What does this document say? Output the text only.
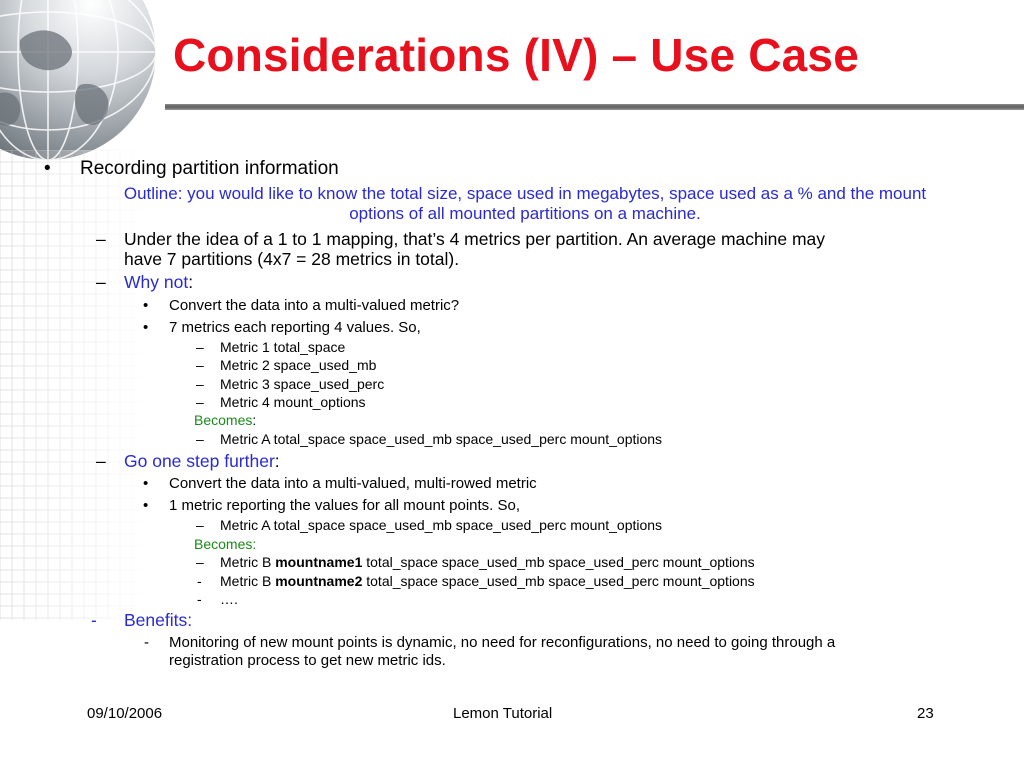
Considerations (IV) – Use Case
• Recording partition information
Outline: you would like to know the total size, space used in megabytes, space used as a % and the mount options of all mounted partitions on a machine.
– Under the idea of a 1 to 1 mapping, that’s 4 metrics per partition. An average machine may
have 7 partitions (4x7 = 28 metrics in total).
– Why not:
• Convert the data into a multi-valued metric?
• 7 metrics each reporting 4 values. So,
– Metric 1 total_space
– Metric 2 space_used_mb
– Metric 3 space_used_perc
– Metric 4 mount_options
Becomes:
– Metric A total_space space_used_mb space_used_perc mount_options
– Go one step further:
• Convert the data into a multi-valued, multi-rowed metric
• 1 metric reporting the values for all mount points. So,
– Metric A total_space space_used_mb space_used_perc mount_options
Becomes:
– Metric B mountname1 total_space space_used_mb space_used_perc mount_options
- Metric B mountname2 total_space space_used_mb space_used_perc mount_options
- ….
- Benefits:
- Monitoring of new mount points is dynamic, no need for reconfigurations, no need to going through a
registration process to get new metric ids.
09/10/2006	Lemon Tutorial	23
